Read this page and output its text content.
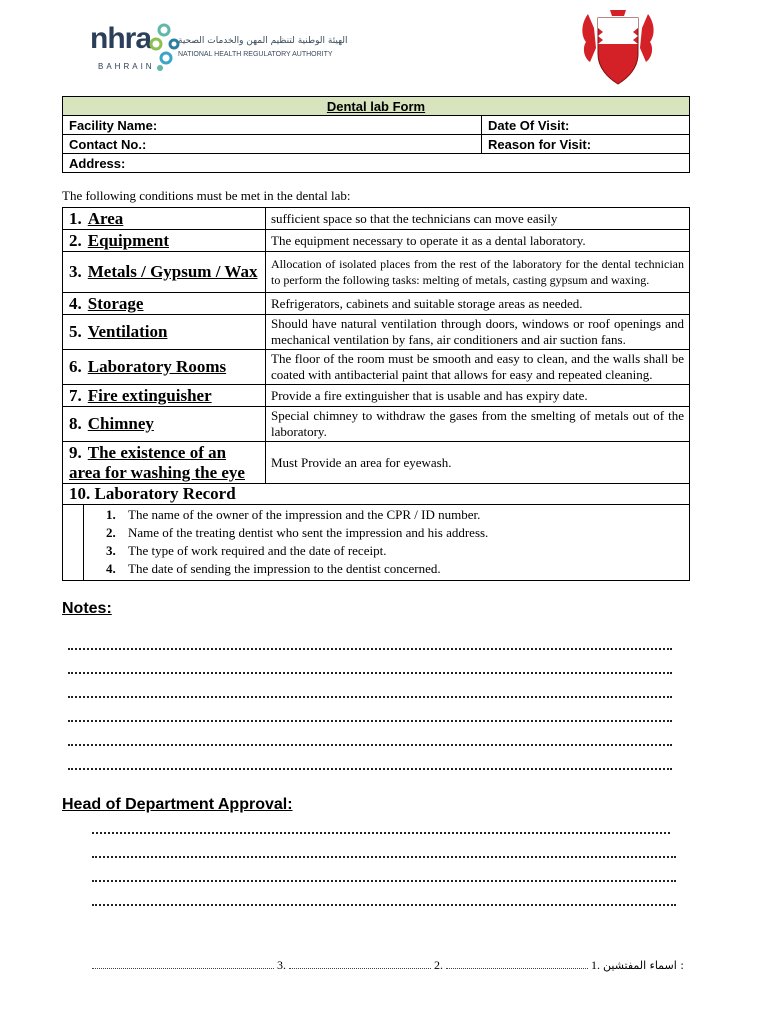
nhra
BAHRAIN
الهيئة الوطنية لتنظيم المهن والخدمات الصحية
NATIONAL HEALTH REGULATORY AUTHORITY
Dental lab Form	
Facility Name:	Date Of Visit:
Contact No.:	Reason for Visit:
Address:	
The following conditions must be met in the dental lab:
1. Area	sufficient space so that the technicians can move easily
2. Equipment	The equipment necessary to operate it as a dental laboratory.
3. Metals / Gypsum / Wax	Allocation of isolated places from the rest of the laboratory for the dental technician to perform the following tasks: melting of metals, casting gypsum and waxing.
4. Storage	Refrigerators, cabinets and suitable storage areas as needed.
5. Ventilation	Should have natural ventilation through doors, windows or roof openings and mechanical ventilation by fans, air conditioners and air suction fans.
6. Laboratory Rooms	The floor of the room must be smooth and easy to clean, and the walls shall be coated with antibacterial paint that allows for easy and repeated cleaning.
7. Fire extinguisher	Provide a fire extinguisher that is usable and has expiry date.
8. Chimney	Special chimney to withdraw the gases from the smelting of metals out of the laboratory.
9. The existence of an area for washing the eye	Must Provide an area for eyewash.
10. Laboratory Record

1. The name of the owner of the impression and the CPR / ID number.
2. Name of the treating dentist who sent the impression and his address.
3. The type of work required and the date of receipt.
4. The date of sending the impression to the dentist concerned.
Notes:
Head of Department Approval:
3.	2.	1. اسماء المفتشين :
